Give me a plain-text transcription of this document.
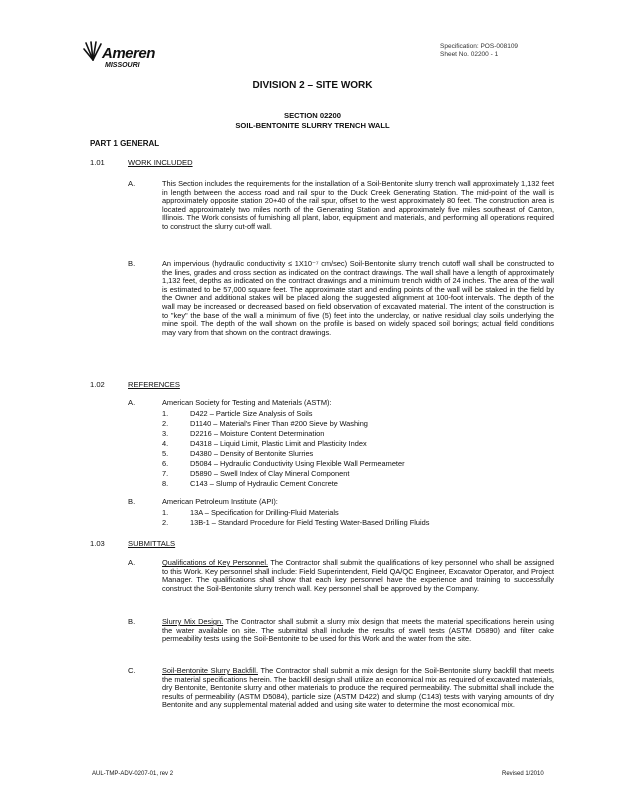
Ameren
MISSOURI
Specification: POS-008109
Sheet No. 02200 - 1
DIVISION 2 – SITE WORK
SECTION 02200
SOIL-BENTONITE SLURRY TRENCH WALL
PART 1 GENERAL
1.01	WORK INCLUDED
A.	This Section includes the requirements for the installation of a Soil-Bentonite slurry trench wall approximately 1,132 feet in length between the access road and rail spur to the Duck Creek Generating Station. The mid-point of the wall is approximately opposite station 20+40 of the rail spur, offset to the west approximately 80 feet. The construction area is located approximately two miles north of the Generating Station and approximately five miles southeast of Canton, Illinois. The Work consists of furnishing all plant, labor, equipment and materials, and performing all operations required to construct the slurry cut-off wall.
B.	An impervious (hydraulic conductivity ≤ 1X10⁻⁷ cm/sec) Soil-Bentonite slurry trench cutoff wall shall be constructed to the lines, grades and cross section as indicated on the contract drawings. The wall shall have a length of approximately 1,132 feet, depths as indicated on the contract drawings and a minimum trench width of 24 inches. The area of the wall is estimated to be 57,000 square feet. The approximate start and ending points of the wall will be staked in the field by the Owner and additional stakes will be placed along the suggested alignment at 100-foot intervals. The depth of the wall may be increased or decreased based on field observation of excavated material. The intent of the construction is to "key" the base of the wall a minimum of five (5) feet into the underclay, or native residual clay soils underlying the mine spoil. The depth of the wall shown on the profile is based on widely spaced soil borings; actual field conditions may vary from that shown on the contract drawings.
1.02	REFERENCES
A.	American Society for Testing and Materials (ASTM):
1.	D422 – Particle Size Analysis of Soils
2.	D1140 – Material's Finer Than #200 Sieve by Washing
3.	D2216 – Moisture Content Determination
4.	D4318 – Liquid Limit, Plastic Limit and Plasticity Index
5.	D4380 – Density of Bentonite Slurries
6.	D5084 – Hydraulic Conductivity Using Flexible Wall Permeameter
7.	D5890 – Swell Index of Clay Mineral Component
8.	C143 – Slump of Hydraulic Cement Concrete
B.	American Petroleum Institute (API):
1.	13A – Specification for Drilling-Fluid Materials
2.	13B-1 – Standard Procedure for Field Testing Water-Based Drilling Fluids
1.03	SUBMITTALS
A.	Qualifications of Key Personnel. The Contractor shall submit the qualifications of key personnel who shall be assigned to this Work. Key personnel shall include: Field Superintendent, Field QA/QC Engineer, Excavator Operator, and Project Manager. The qualifications shall show that each key personnel have the experience and training to successfully construct the Soil-Bentonite slurry trench wall. Key personnel shall be approved by the Company.
B.	Slurry Mix Design. The Contractor shall submit a slurry mix design that meets the material specifications herein using the water available on site. The submittal shall include the results of swell tests (ASTM D5890) and filter cake permeability tests using the Soil-Bentonite to be used for this Work and the water from the site.
C.	Soil-Bentonite Slurry Backfill. The Contractor shall submit a mix design for the Soil-Bentonite slurry backfill that meets the material specifications herein. The backfill design shall utilize an economical mix as required of excavated materials, dry Bentonite, Bentonite slurry and other materials to produce the required permeability. The submittal shall include the results of permeability (ASTM D5084), particle size (ASTM D422) and slump (C143) tests with varying amounts of dry Bentonite and any supplemental material added and using site water to determine the most economical mix.
AUL-TMP-ADV-0207-01, rev 2	Revised 1/2010
